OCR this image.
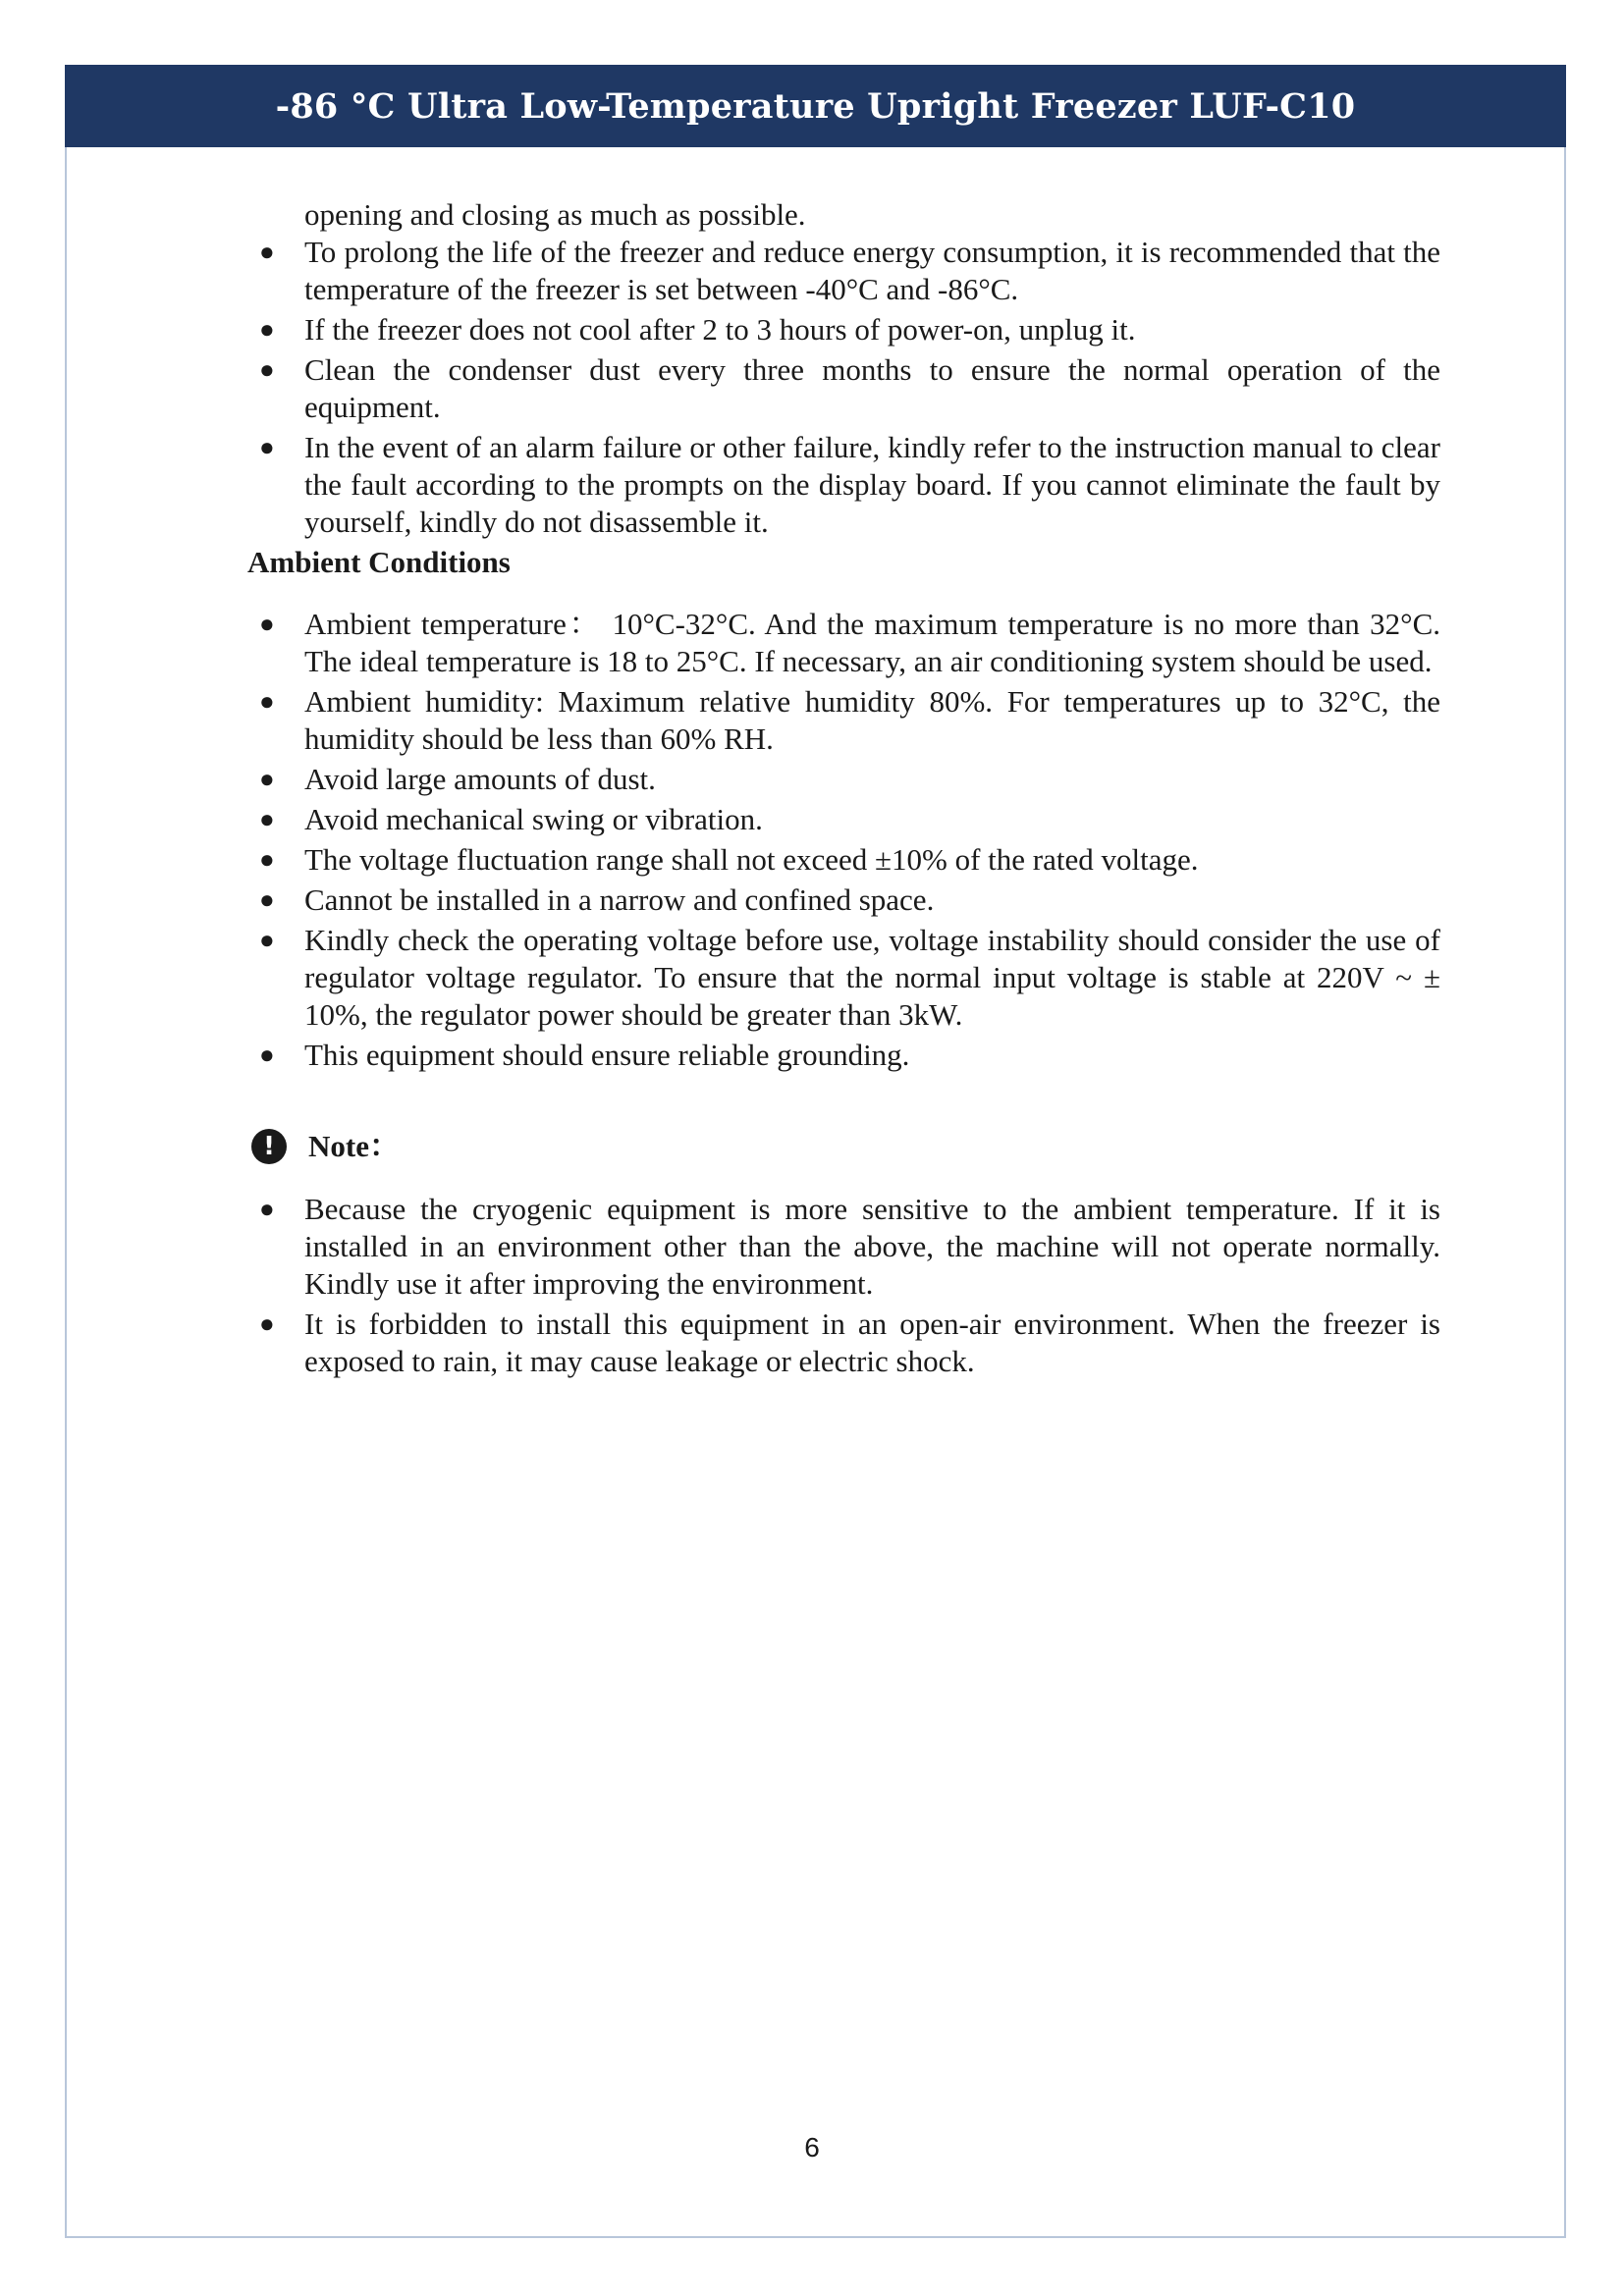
-86 °C Ultra Low-Temperature Upright Freezer LUF-C10

opening and closing as much as possible.

● To prolong the life of the freezer and reduce energy consumption, it is recommended that the temperature of the freezer is set between -40°C and -86°C.
● If the freezer does not cool after 2 to 3 hours of power-on, unplug it.
● Clean the condenser dust every three months to ensure the normal operation of the equipment.
● In the event of an alarm failure or other failure, kindly refer to the instruction manual to clear the fault according to the prompts on the display board. If you cannot eliminate the fault by yourself, kindly do not disassemble it.
Ambient Conditions
● Ambient temperature： 10°C-32°C. And the maximum temperature is no more than 32°C. The ideal temperature is 18 to 25°C. If necessary, an air conditioning system should be used.
● Ambient humidity: Maximum relative humidity 80%. For temperatures up to 32°C, the humidity should be less than 60% RH.
● Avoid large amounts of dust.
● Avoid mechanical swing or vibration.
● The voltage fluctuation range shall not exceed ±10% of the rated voltage.
● Cannot be installed in a narrow and confined space.
● Kindly check the operating voltage before use, voltage instability should consider the use of regulator voltage regulator. To ensure that the normal input voltage is stable at 220V ~ ± 10%, the regulator power should be greater than 3kW.
● This equipment should ensure reliable grounding.
!	Note：
● Because the cryogenic equipment is more sensitive to the ambient temperature. If it is installed in an environment other than the above, the machine will not operate normally. Kindly use it after improving the environment.
● It is forbidden to install this equipment in an open-air environment. When the freezer is exposed to rain, it may cause leakage or electric shock.
6
